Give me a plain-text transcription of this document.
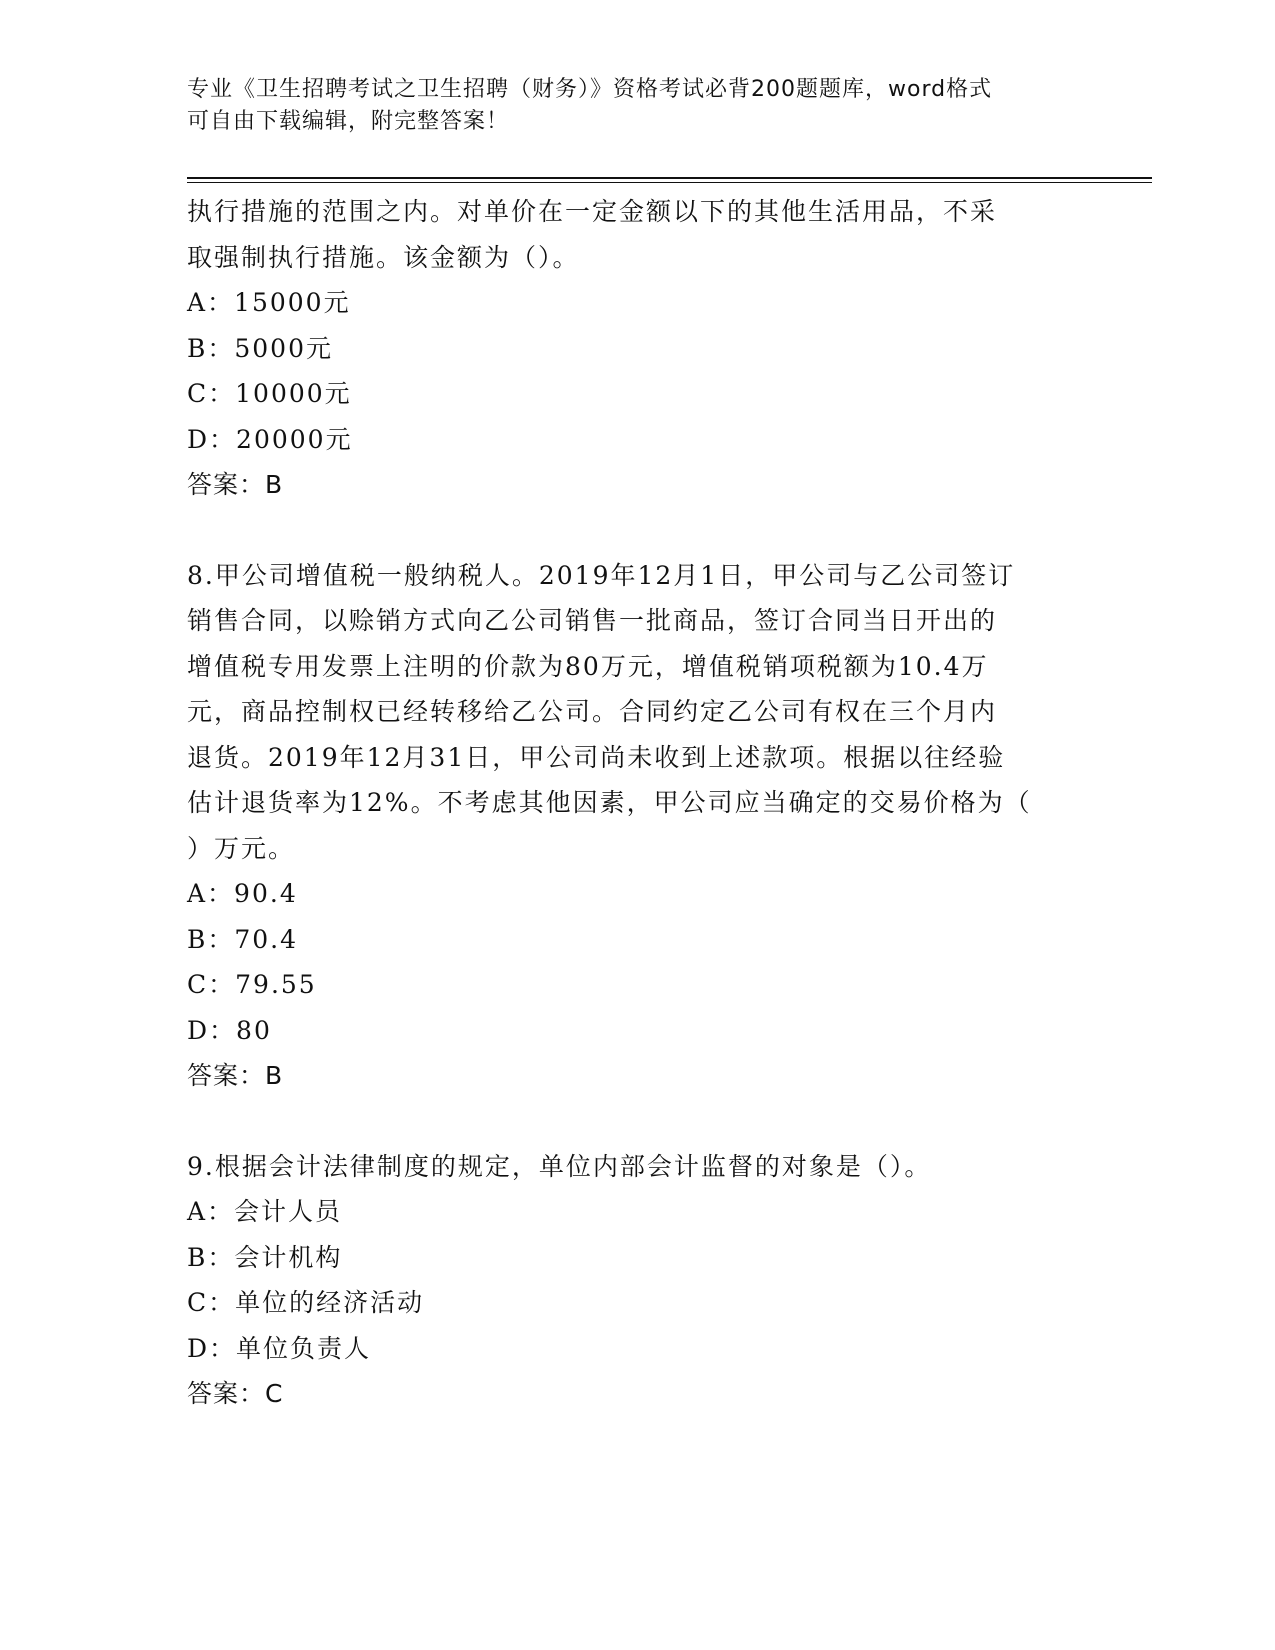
专业《卫生招聘考试之卫生招聘（财务）》资格考试必背200题题库，word格式
可自由下载编辑，附完整答案！

执行措施的范围之内。对单价在一定金额以下的其他生活用品，不采

取强制执行措施。该金额为（）。

A：15000元

B：5000元

C：10000元

D：20000元

答案：B

8.甲公司增值税一般纳税人。2019年12月1日，甲公司与乙公司签订

销售合同，以赊销方式向乙公司销售一批商品，签订合同当日开出的

增值税专用发票上注明的价款为80万元，增值税销项税额为10.4万

元，商品控制权已经转移给乙公司。合同约定乙公司有权在三个月内

退货。2019年12月31日，甲公司尚未收到上述款项。根据以往经验

估计退货率为12%。不考虑其他因素，甲公司应当确定的交易价格为（

）万元。

A：90.4

B：70.4

C：79.55

D：80

答案：B

9.根据会计法律制度的规定，单位内部会计监督的对象是（）。

A：会计人员

B：会计机构

C：单位的经济活动

D：单位负责人

答案：C
